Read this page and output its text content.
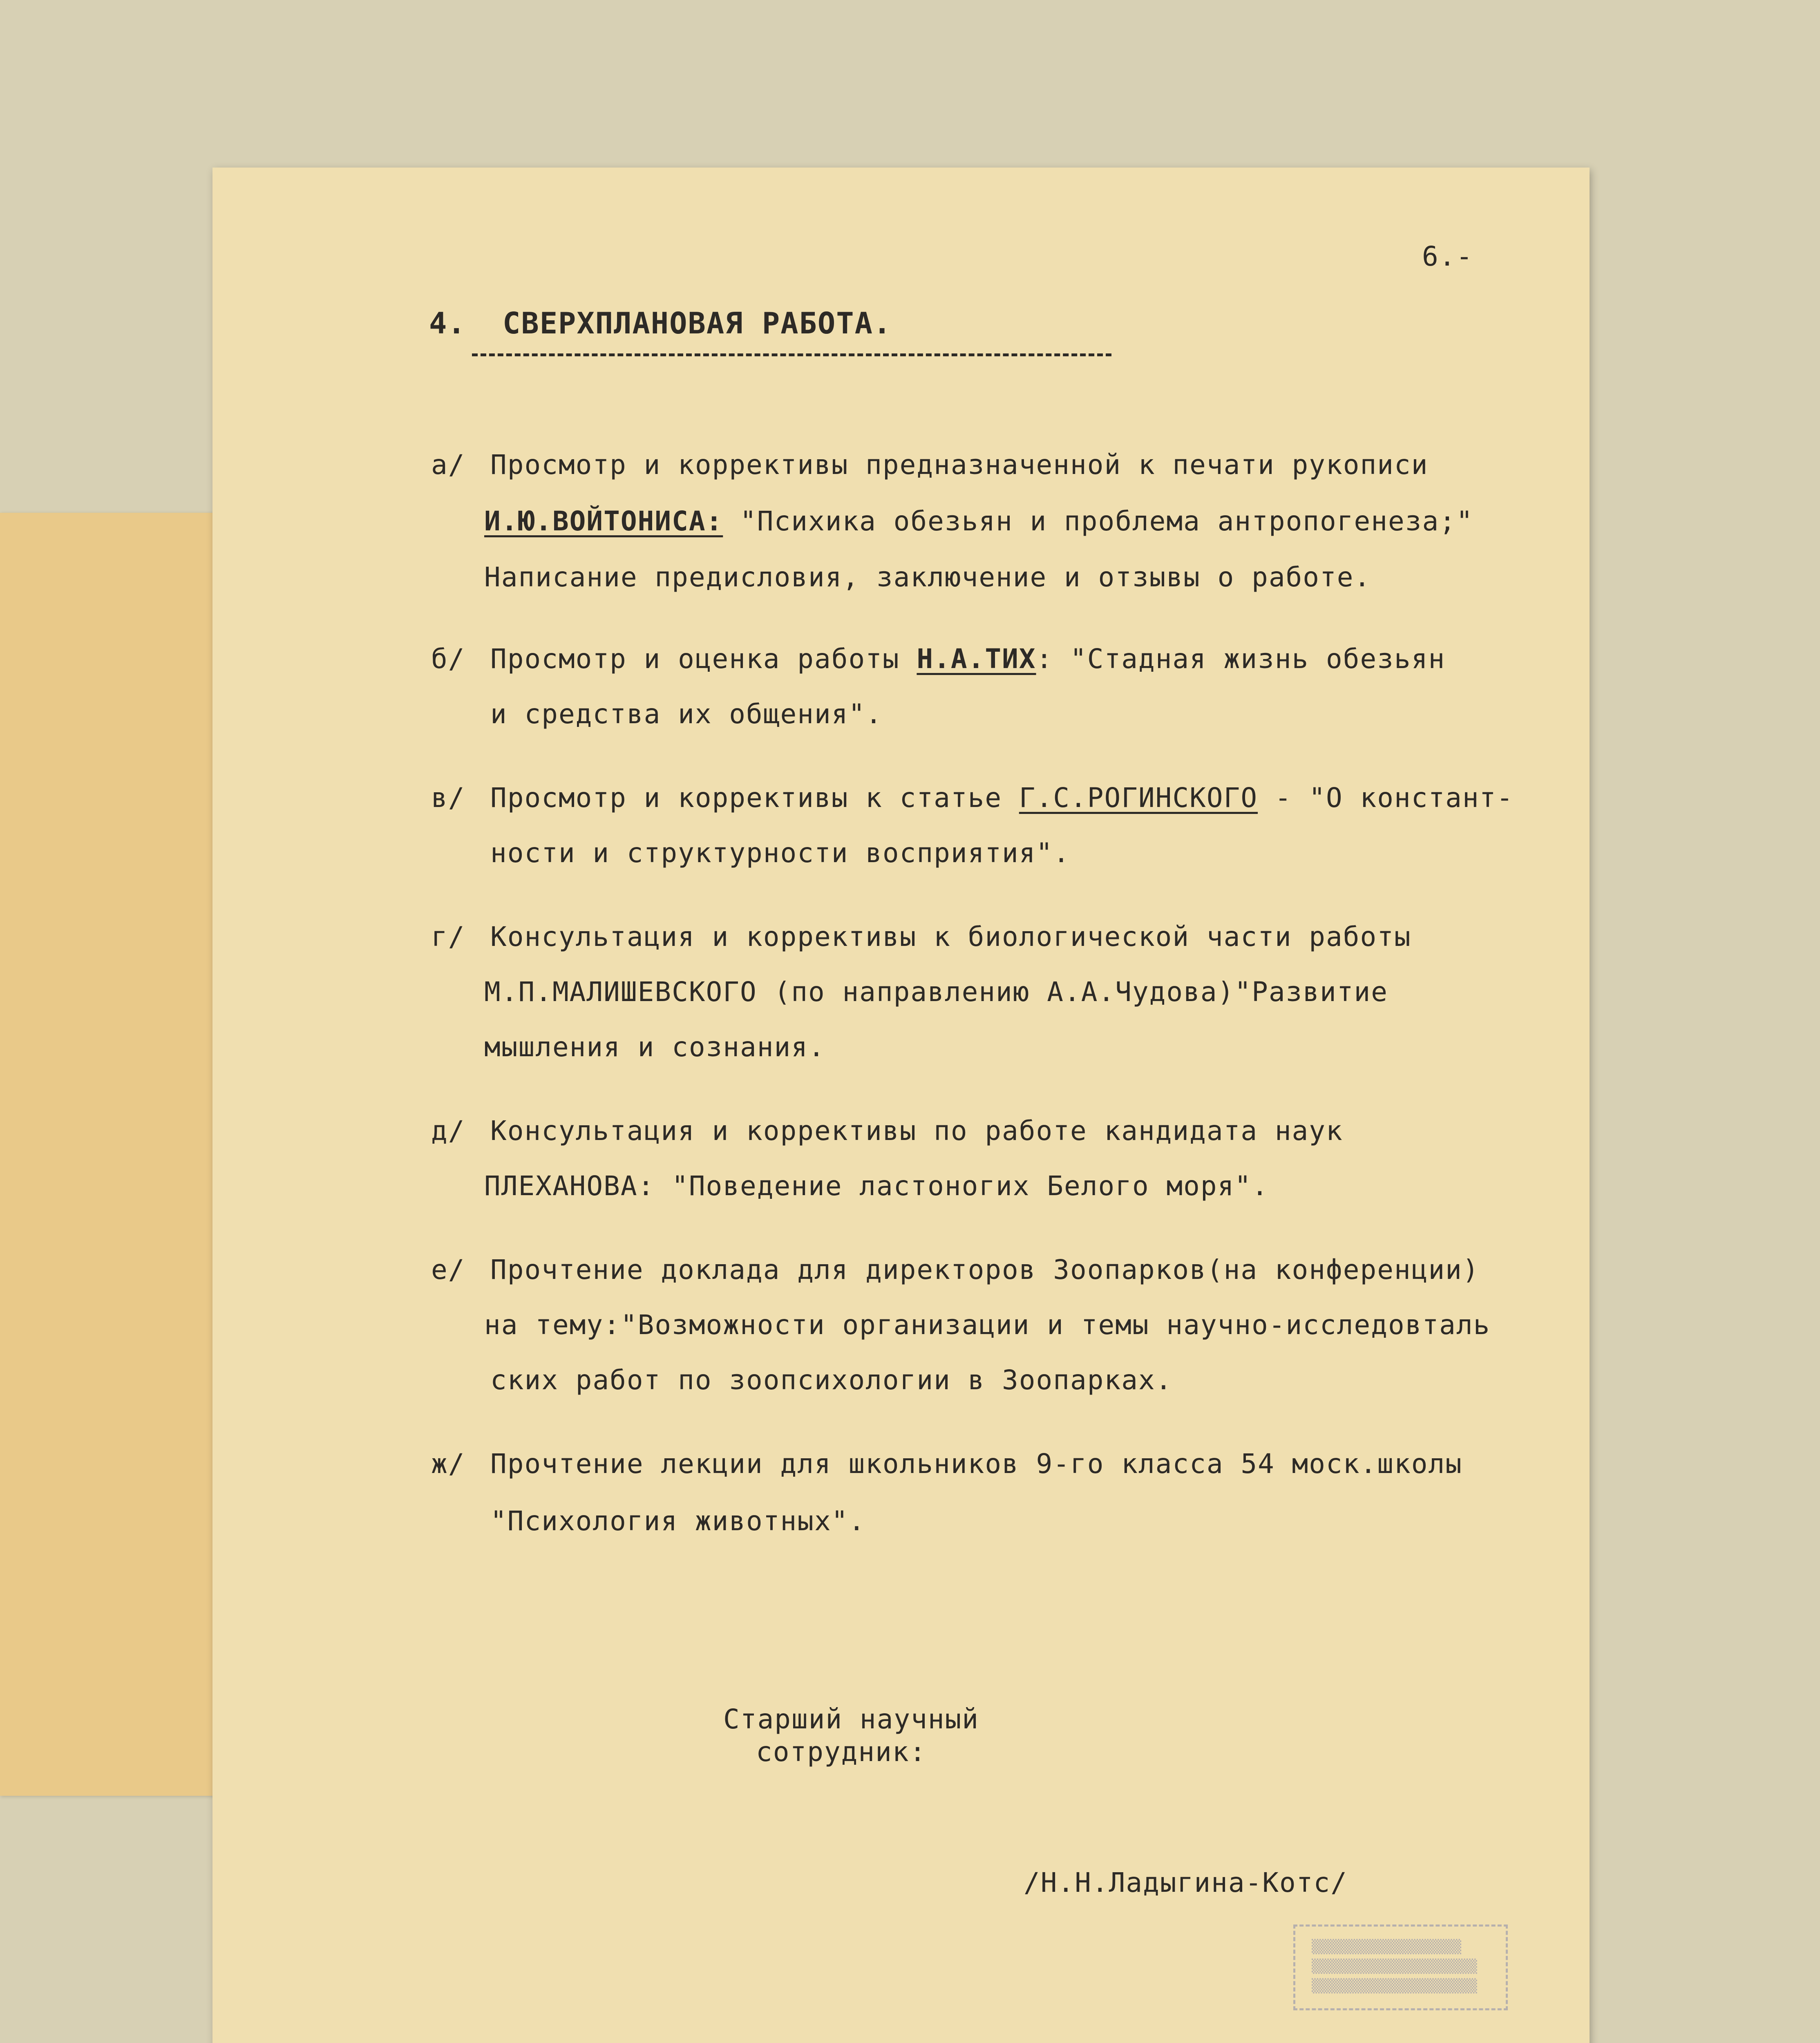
6.-
4. СВЕРХПЛАНОВАЯ РАБОТА.
а/ Просмотр и коррективы предназначенной к печати рукописи
И.Ю.ВОЙТОНИСА: "Психика обезьян и проблема антропогенеза;"
Написание предисловия, заключение и отзывы о работе.
б/ Просмотр и оценка работы Н.А.ТИХ: "Стадная жизнь обезьян
и средства их общения".
в/ Просмотр и коррективы к статье Г.С.РОГИНСКОГО - "О констант-
ности и структурности восприятия".
г/ Консультация и коррективы к биологической части работы
М.П.МАЛИШЕВСКОГО (по направлению А.А.Чудова)"Развитие
мышления и сознания.
д/ Консультация и коррективы по работе кандидата наук
ПЛЕХАНОВА: "Поведение ластоногих Белого моря".
е/ Прочтение доклада для директоров Зоопарков(на конференции)
на тему:"Возможности организации и темы научно-исследовталь
ских работ по зоопсихологии в Зоопарках.
ж/ Прочтение лекции для школьников 9-го класса 54 моск.школы
"Психология животных".
Старший научный
сотрудник:
/Н.Н.Ладыгина-Котс/
▒▒▒▒▒▒▒▒▒▒▒▒▒▒▒▒▒▒▒
▒▒▒▒▒▒▒▒▒▒▒▒▒▒▒▒▒▒▒▒▒
▒▒▒▒▒▒▒▒▒▒▒▒▒▒▒▒▒▒▒▒▒
